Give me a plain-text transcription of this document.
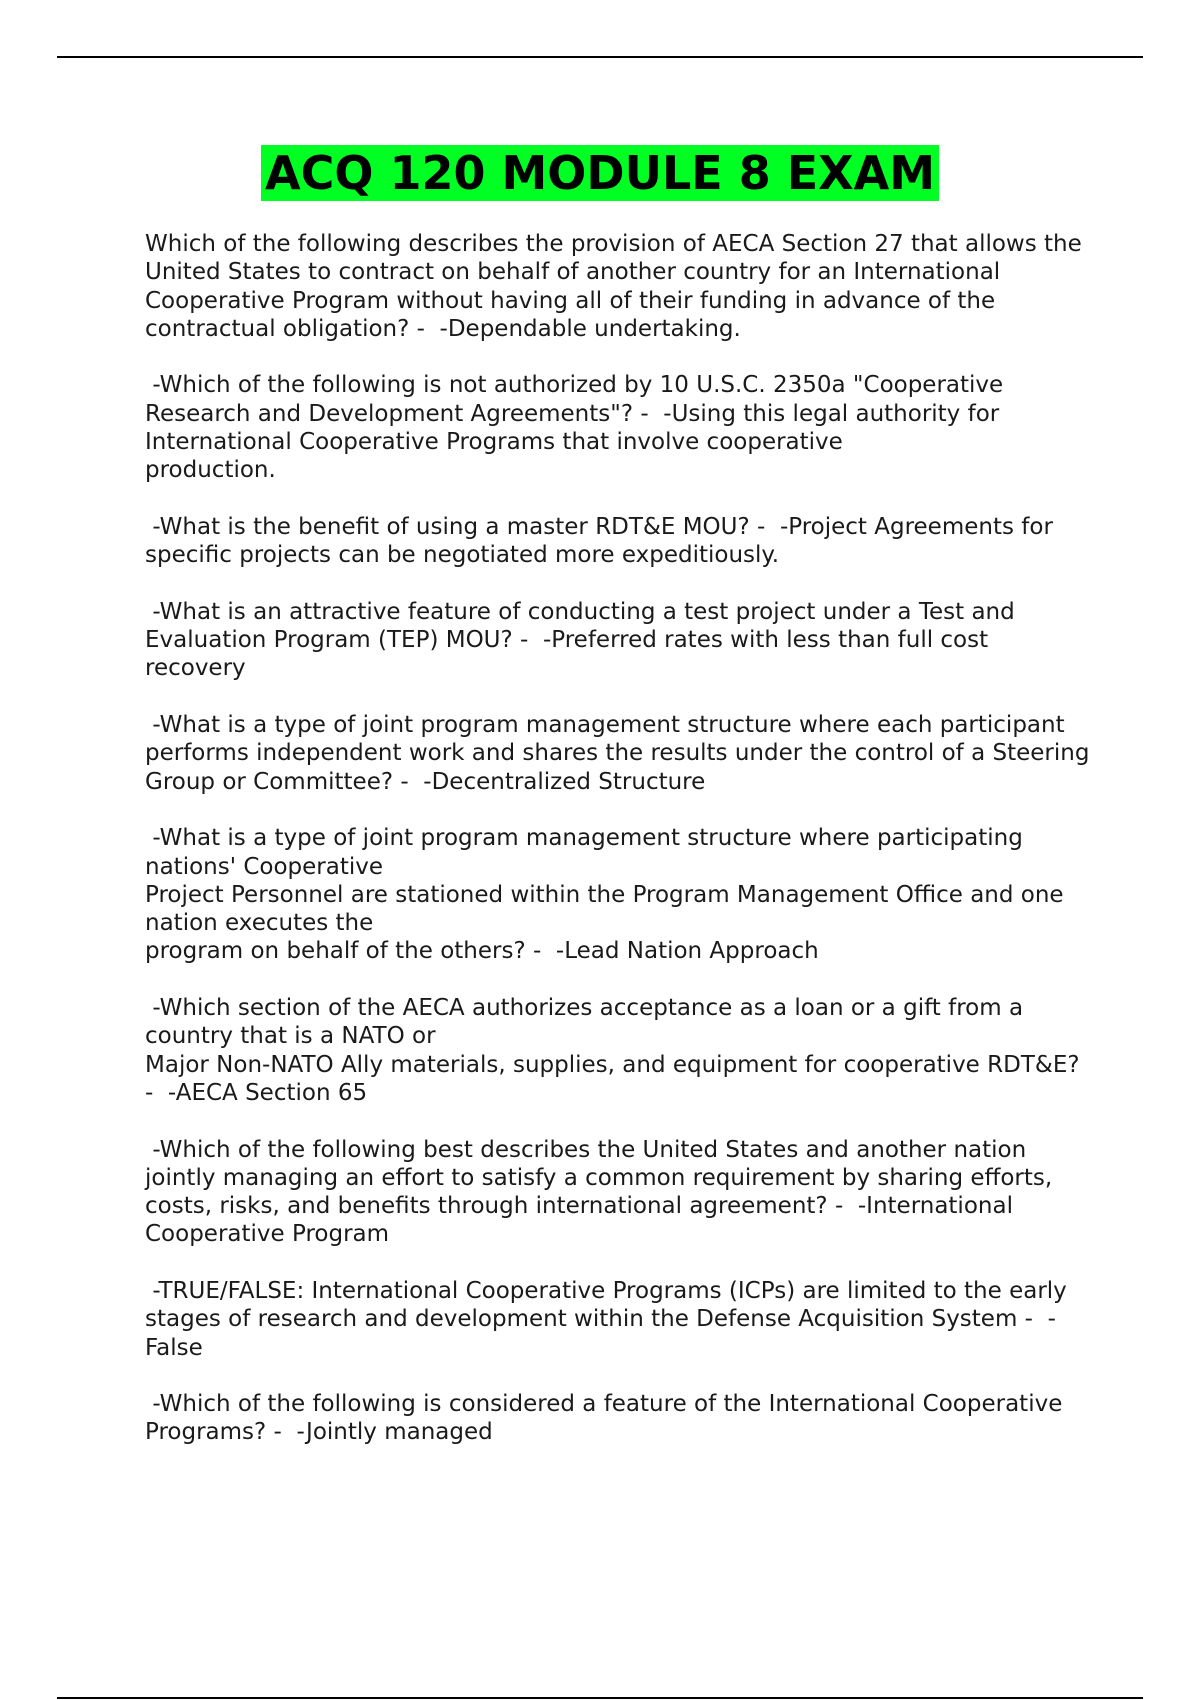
ACQ 120 MODULE 8 EXAM

Which of the following describes the provision of AECA Section 27 that allows the United States to contract on behalf of another country for an International Cooperative Program without having all of their funding in advance of the contractual obligation? -  -Dependable undertaking.

-Which of the following is not authorized by 10 U.S.C. 2350a "Cooperative Research and Development Agreements"? -  -Using this legal authority for International Cooperative Programs that involve cooperative
production.

-What is the benefit of using a master RDT&E MOU? -  -Project Agreements for specific projects can be negotiated more expeditiously.

-What is an attractive feature of conducting a test project under a Test and Evaluation Program (TEP) MOU? -  -Preferred rates with less than full cost recovery

-What is a type of joint program management structure where each participant performs independent work and shares the results under the control of a Steering Group or Committee? -  -Decentralized Structure

-What is a type of joint program management structure where participating nations' Cooperative
Project Personnel are stationed within the Program Management Office and one nation executes the
program on behalf of the others? -  -Lead Nation Approach

-Which section of the AECA authorizes acceptance as a loan or a gift from a country that is a NATO or
Major Non-NATO Ally materials, supplies, and equipment for cooperative RDT&E? -  -AECA Section 65

-Which of the following best describes the United States and another nation jointly managing an effort to satisfy a common requirement by sharing efforts, costs, risks, and benefits through international agreement? -  -International Cooperative Program

-TRUE/FALSE: International Cooperative Programs (ICPs) are limited to the early stages of research and development within the Defense Acquisition System -  -False

-Which of the following is considered a feature of the International Cooperative Programs? -  -Jointly managed
